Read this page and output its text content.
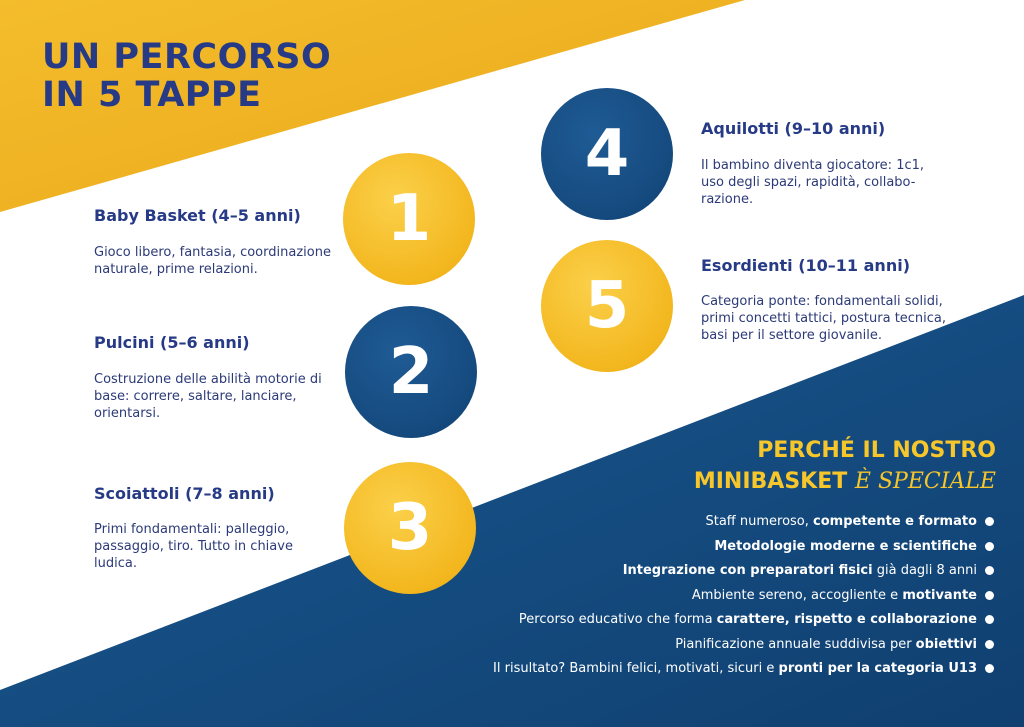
UN PERCORSO
IN 5 TAPPE
Baby Basket (4–5 anni)
Gioco libero, fantasia, coordinazione naturale, prime relazioni.
1
Pulcini (5–6 anni)
Costruzione delle abilità motorie di base: correre, saltare, lanciare, orientarsi.
2
Scoiattoli (7–8 anni)
Primi fondamentali: palleggio, passaggio, tiro. Tutto in chiave ludica.	3
4	Aquilotti (9–10 anni)
Il bambino diventa giocatore: 1c1, uso degli spazi, rapidità, collabo-razione.
5
Esordienti (10–11 anni)
Categoria ponte: fondamentali solidi, primi concetti tattici, postura tecnica, basi per il settore giovanile.
PERCHÉ IL NOSTRO
MINIBASKET È SPECIALE
Staff numeroso, competente e formato
Metodologie moderne e scientifiche
Integrazione con preparatori fisici già dagli 8 anni
Ambiente sereno, accogliente e motivante
Percorso educativo che forma carattere, rispetto e collaborazione
Pianificazione annuale suddivisa per obiettivi
Il risultato? Bambini felici, motivati, sicuri e pronti per la categoria U13
